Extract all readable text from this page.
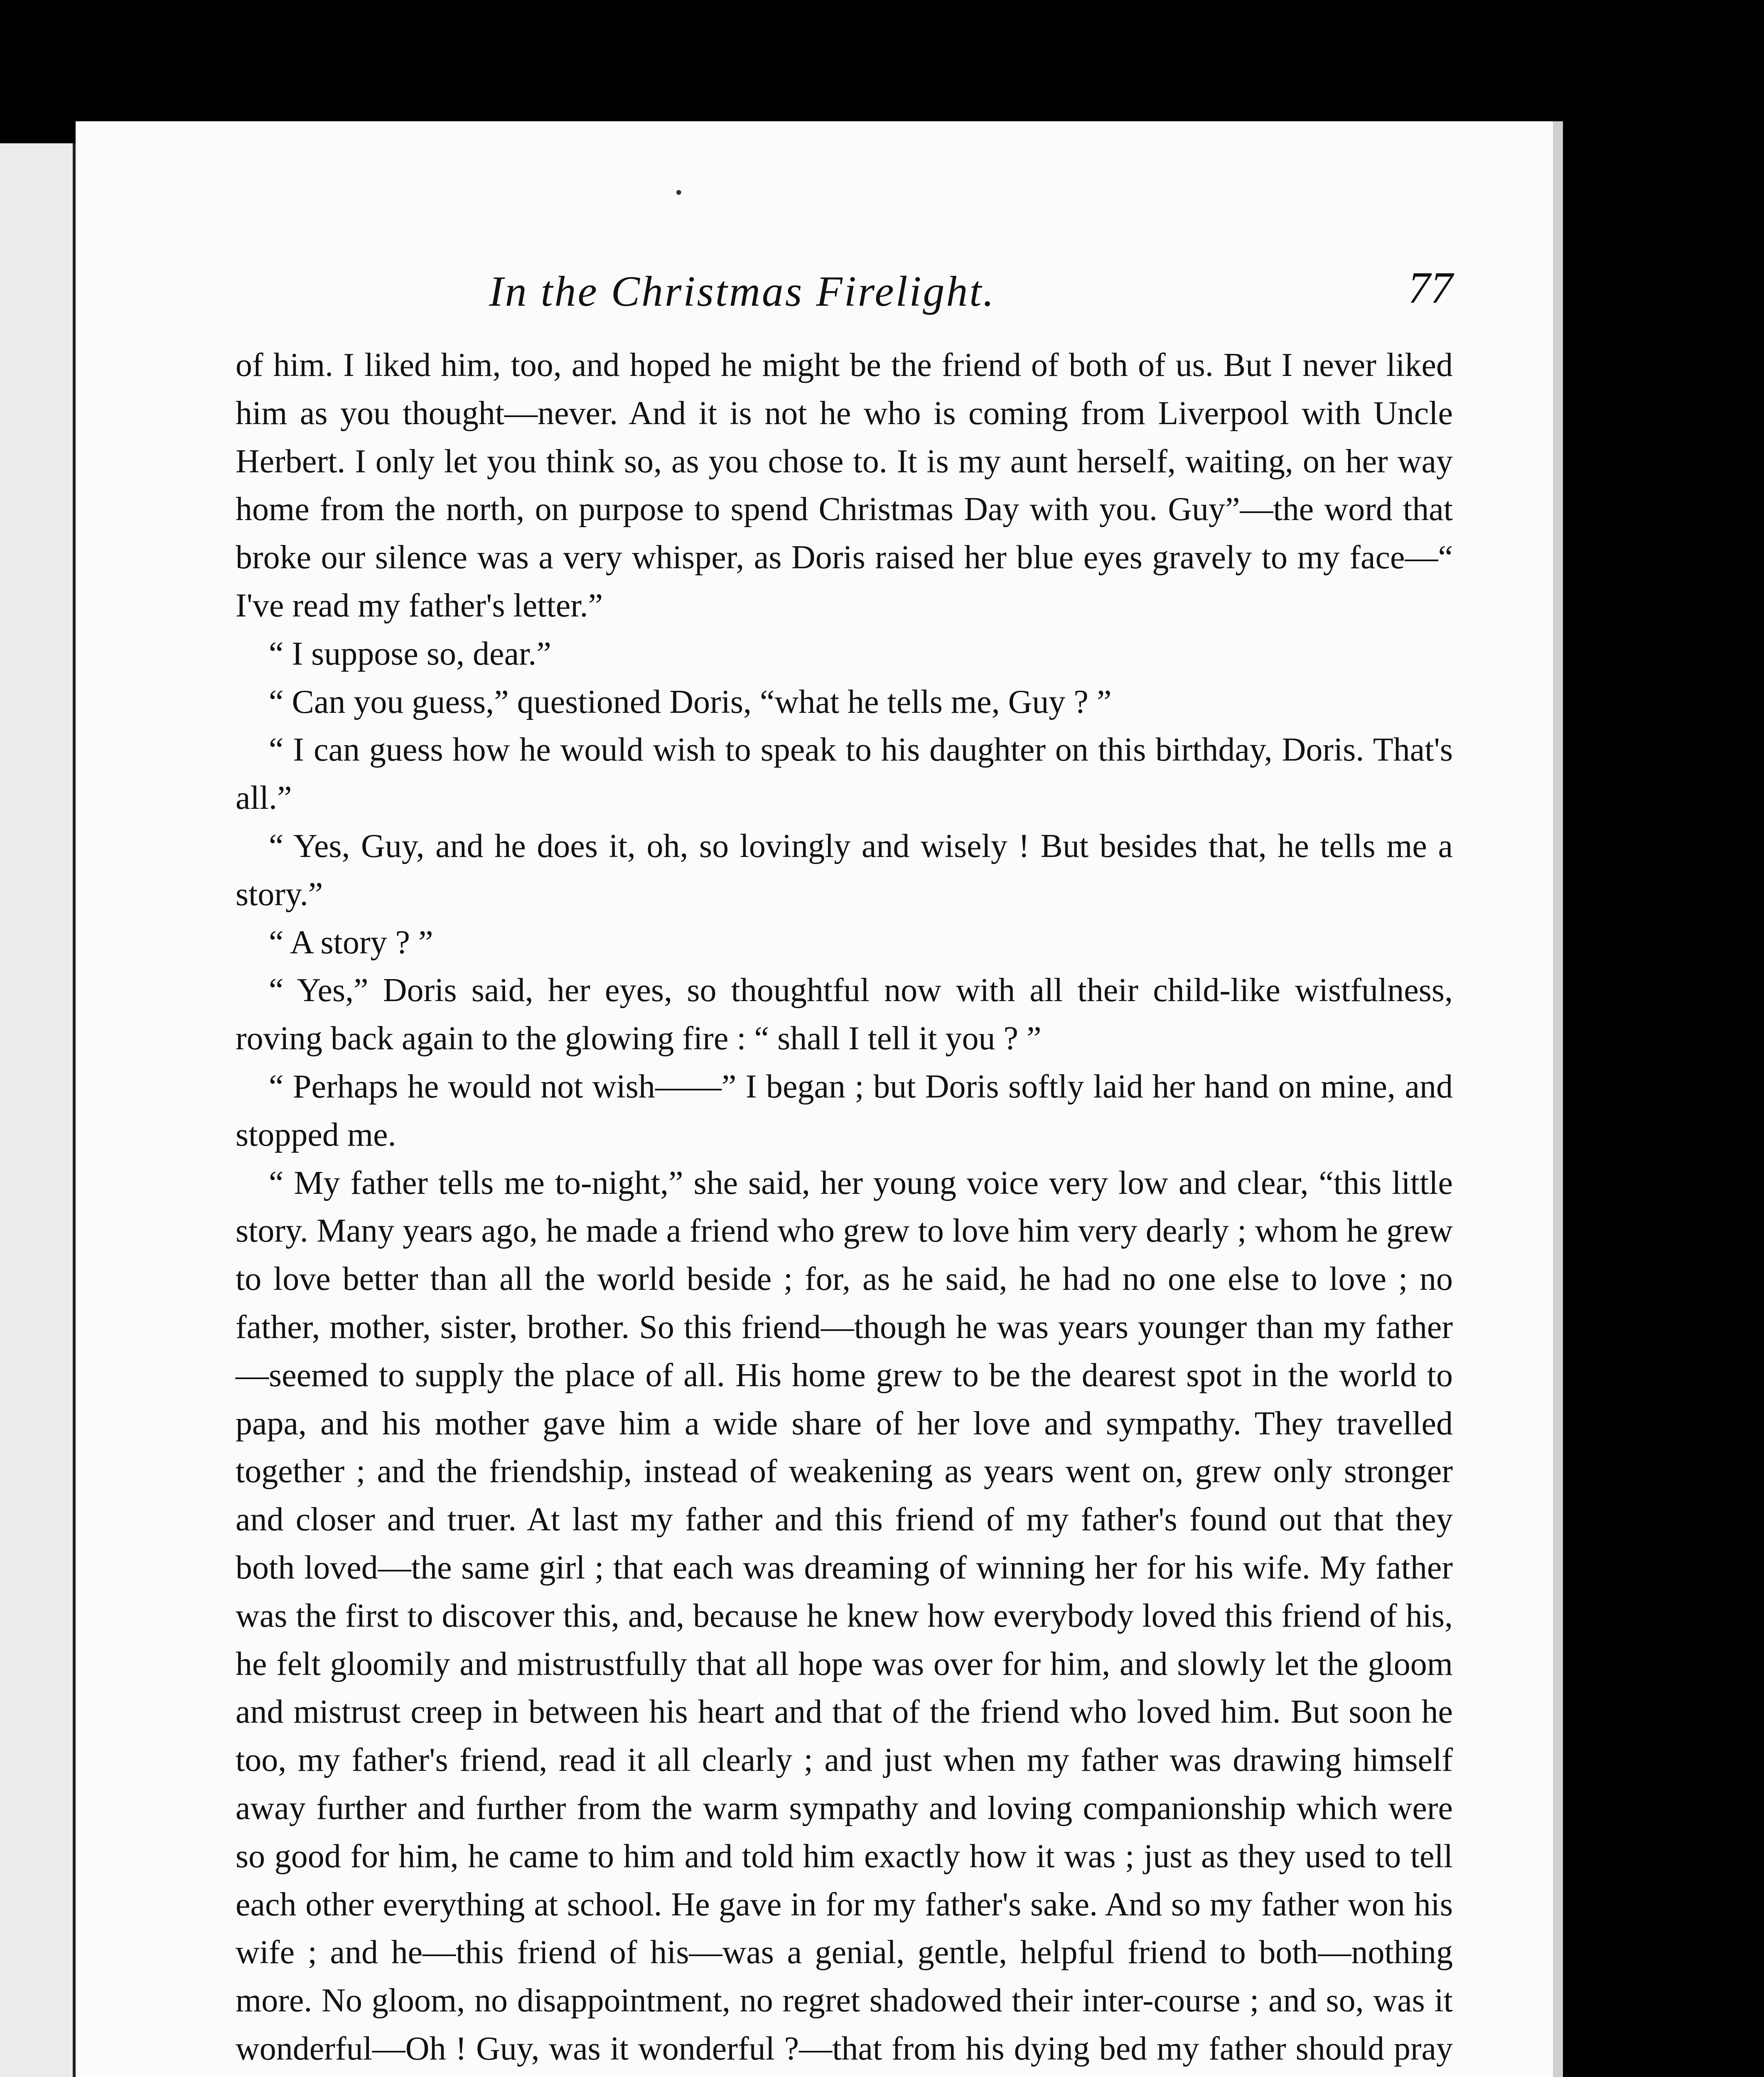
•
In the Christmas Firelight.	77

of him. I liked him, too, and hoped he might be the friend of both of us. But I never liked him as you thought—never. And it is not he who is coming from Liverpool with Uncle Herbert. I only let you think so, as you chose to. It is my aunt herself, waiting, on her way home from the north, on purpose to spend Christmas Day with you. Guy”—the word that broke our silence was a very whisper, as Doris raised her blue eyes gravely to my face—“ I've read my father's letter.”

“ I suppose so, dear.”

“ Can you guess,” questioned Doris, “what he tells me, Guy ? ”

“ I can guess how he would wish to speak to his daughter on this birthday, Doris. That's all.”

“ Yes, Guy, and he does it, oh, so lovingly and wisely ! But besides that, he tells me a story.”

“ A story ? ”

“ Yes,” Doris said, her eyes, so thoughtful now with all their child-like wistfulness, roving back again to the glowing fire : “ shall I tell it you ? ”

“ Perhaps he would not wish——” I began ; but Doris softly laid her hand on mine, and stopped me.

“ My father tells me to-night,” she said, her young voice very low and clear, “this little story. Many years ago, he made a friend who grew to love him very dearly ; whom he grew to love better than all the world beside ; for, as he said, he had no one else to love ; no father, mother, sister, brother. So this friend—though he was years younger than my father—seemed to supply the place of all. His home grew to be the dearest spot in the world to papa, and his mother gave him a wide share of her love and sympathy. They travelled together ; and the friendship, instead of weakening as years went on, grew only stronger and closer and truer. At last my father and this friend of my father's found out that they both loved—the same girl ; that each was dreaming of winning her for his wife. My father was the first to discover this, and, because he knew how everybody loved this friend of his, he felt gloomily and mistrustfully that all hope was over for him, and slowly let the gloom and mistrust creep in between his heart and that of the friend who loved him. But soon he too, my father's friend, read it all clearly ; and just when my father was drawing himself away further and further from the warm sympathy and loving companionship which were so good for him, he came to him and told him exactly how it was ; just as they used to tell each other everything at school. He gave in for my father's sake. And so my father won his wife ; and he—this friend of his—was a genial, gentle, helpful friend to both—nothing more. No gloom, no disappointment, no regret shadowed their inter-course ; and so, was it wonderful—Oh ! Guy, was it wonderful ?—that from his dying bed my father should pray
